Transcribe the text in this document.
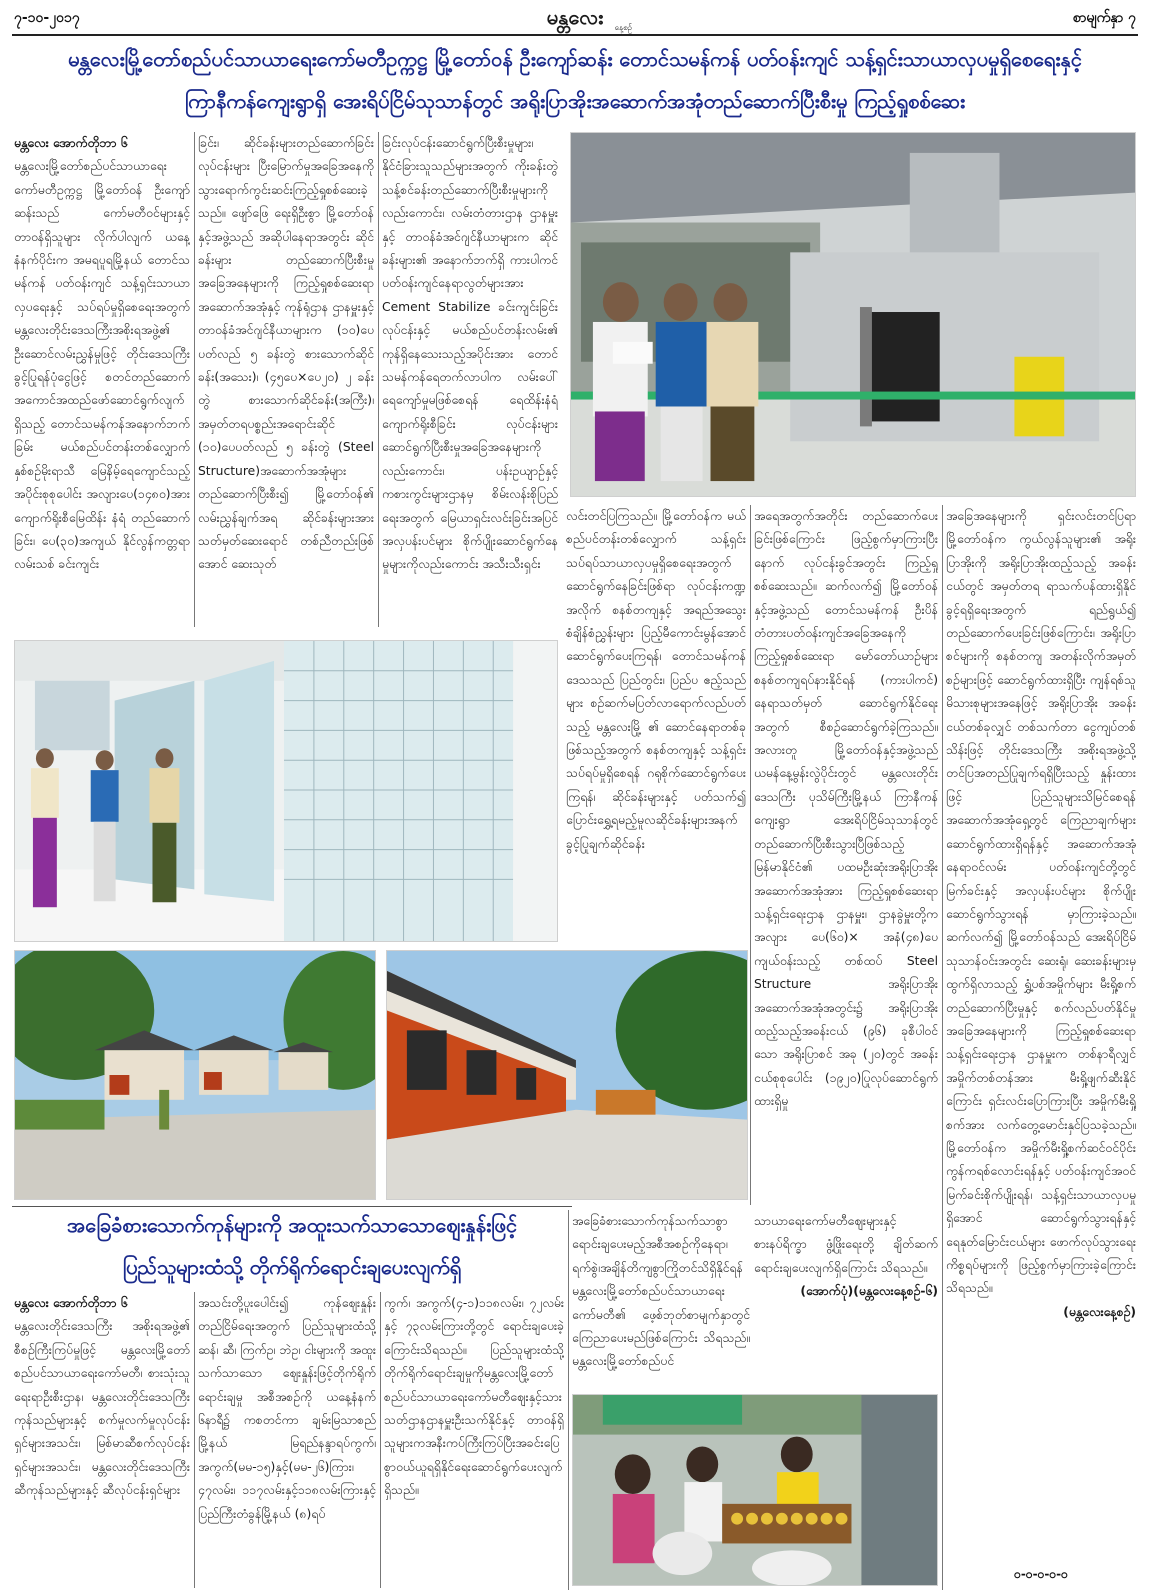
၇-၁၀-၂၀၁၇	မန္တလေး	နေ့စဉ်
စာမျက်နှာ ၇
မန္တလေးမြို့တော်စည်ပင်သာယာရေးကော်မတီဥက္ကဋ္ဌ မြို့တော်ဝန် ဦးကျော်ဆန်း တောင်သမန်ကန် ပတ်ဝန်းကျင် သန့်ရှင်းသာယာလှပမှုရှိစေရေးနှင့်
ကြာနီကန်ကျေးရွာရှိ အေးရိပ်ငြိမ်သုသာန်တွင် အရိုးပြာအိုးအဆောက်အအုံတည်ဆောက်ပြီးစီးမှု ကြည့်ရှုစစ်ဆေး
မန္တလေး အောက်တိုဘာ ၆
မန္တလေးမြို့တော်စည်ပင်သာယာရေးကော်မတီဥက္ကဋ္ဌ မြို့တော်ဝန် ဦးကျော်ဆန်းသည် ကော်မတီဝင်များနှင့် တာဝန်ရှိသူများ လိုက်ပါလျက် ယနေ့နံနက်ပိုင်းက အမရပူရမြို့နယ် တောင်သမန်ကန် ပတ်ဝန်းကျင် သန့်ရှင်းသာယာလှပရေးနှင့် သပ်ရပ်မှုရှိစေရေးအတွက် မန္တလေးတိုင်းဒေသကြီးအစိုးရအဖွဲ့၏ ဦးဆောင်လမ်းညွှန်မှုဖြင့် တိုင်းဒေသကြီး ခွင့်ပြုရန်ပုံငွေဖြင့် စတင်တည်ဆောက်အကောင်အထည်ဖော်ဆောင်ရွက်လျက်ရှိသည့် တောင်သမန်ကန်အနောက်ဘက်ခြမ်း မယ်စည်ပင်တန်းတစ်လျှောက် နှစ်စဉ်မိုးရာသီ မြေနိမ့်ရေကျောင်သည့် အပိုင်းစုစုပေါင်း အလျားပေ(၁၄၈၀)အား ကျောက်ရိုးစီမြေထိန်း နံရံ တည်ဆောက်ခြင်း၊ ပေ(၃၀)အကျယ် နိုင်လွန်ကတ္တရာလမ်းသစ် ခင်းကျင်း
ခြင်း၊ ဆိုင်ခန်းများတည်ဆောက်ခြင်းလုပ်ငန်းများ ပြီးမြောက်မှုအခြေအနေကို သွားရောက်ကွင်းဆင်းကြည့်ရှုစစ်ဆေးခဲ့သည်။ ဖျော်ဖြေ ရေးရှိဦးစွာ မြို့တော်ဝန်နှင့်အဖွဲ့သည် အဆိုပါနေရာအတွင်း ဆိုင်ခန်းများ တည်ဆောက်ပြီးစီးမှု အခြေအနေများကို ကြည့်ရှုစစ်ဆေးရာ အဆောက်အအုံနှင့် ကုန်ရုံဌာန ဌာနမှူးနှင့် တာဝန်ခံအင်ဂျင်နီယာများက (၁၀)ပေပတ်လည် ၅ ခန်းတွဲ စားသောက်ဆိုင်ခန်း(အသေး)၊ (၄၅ပေ×ပေ၂၀) ၂ ခန်းတွဲ စားသောက်ဆိုင်ခန်း(အကြီး)၊ အမှတ်တရပစ္စည်းအရောင်းဆိုင် (၁၀)ပေပတ်လည် ၅ ခန်းတွဲ (Steel Structure)အဆောက်အအုံများ တည်ဆောက်ပြီးစီး၍ မြို့တော်ဝန်၏ လမ်းညွှန်ချက်အရ ဆိုင်ခန်းများအား သတ်မှတ်ဆေးရောင် တစ်ညီတည်းဖြစ်အောင် ဆေးသုတ်
ခြင်းလုပ်ငန်းဆောင်ရွက်ပြီးစီးမှုများ၊ နိုင်ငံခြားသူသည်များအတွက် ကိုးခန်းတွဲသန့်စင်ခန်းတည်ဆောက်ပြီးစီးမှုများကိုလည်းကောင်း၊ လမ်းတံတားဌာန ဌာနမှူးနှင့် တာဝန်ခံအင်ဂျင်နီယာများက ဆိုင်ခန်းများ၏ အနောက်ဘက်ရှိ ကားပါကင် ပတ်ဝန်းကျင်နေရာလွတ်များအား Cement Stabilize ခင်းကျင်းခြင်း လုပ်ငန်းနှင့် မယ်စည်ပင်တန်းလမ်း၏ ကုန်ရှိနေသေးသည့်အပိုင်းအား တောင်သမန်ကန်ရေတက်လာပါက လမ်းပေါ်ရေကျော်မှုမဖြစ်စေရန် ရေထိန်းနံရံ ကျောက်ရိုးစီခြင်း လုပ်ငန်းများ ဆောင်ရွက်ပြီးစီးမှုအခြေအနေများကိုလည်းကောင်း၊ ပန်းဥယျာဉ်နှင့် ကစားကွင်းများဌာနမှ စိမ်းလန်းစိုပြည်ရေးအတွက် မြေယာရှင်းလင်းခြင်းအပြင် အလှပန်းပင်များ စိုက်ပျိုးဆောင်ရွက်နေမှုများကိုလည်းကောင်း အသီးသီးရှင်း
လင်းတင်ပြကြသည်။ မြို့တော်ဝန်က မယ်စည်ပင်တန်းတစ်လျှောက် သန့်ရှင်းသပ်ရပ်သာယာလှပမှုရှိစေရေးအတွက် ဆောင်ရွက်နေခြင်းဖြစ်ရာ လုပ်ငန်းကဏ္ဍအလိုက် စနစ်တကျနှင့် အရည်အသွေးစံချိန်စံညွှန်းများ ပြည့်မီကောင်းမွန်အောင်ဆောင်ရွက်ပေးကြရန်၊ တောင်သမန်ကန်ဒေသသည် ပြည်တွင်း၊ ပြည်ပ ဧည့်သည်များ စဉ်ဆက်မပြတ်လာရောက်လည်ပတ်သည့် မန္တလေးမြို့ ၏ ဆောင်နေရာတစ်ခုဖြစ်သည့်အတွက် စနစ်တကျနှင့် သန့်ရှင်းသပ်ရပ်မှုရှိစေရန် ဂရုစိုက်ဆောင်ရွက်ပေးကြရန်၊ ဆိုင်ခန်းများနှင့် ပတ်သက်၍ ပြောင်းရွှေ့ရမည့်မူလဆိုင်ခန်းများအနက် ခွင့်ပြုချက်ဆိုင်ခန်း
အရေအတွက်အတိုင်း တည်ဆောက်ပေးခြင်းဖြစ်ကြောင်း ဖြည့်စွက်မှာကြားပြီးနောက် လုပ်ငန်းခွင်အတွင်း ကြည့်ရှုစစ်ဆေးသည်။ ဆက်လက်၍ မြို့တော်ဝန်နှင့်အဖွဲ့သည် တောင်သမန်ကန် ဦးပိန်တံတားပတ်ဝန်းကျင်အခြေအနေကို ကြည့်ရှုစစ်ဆေးရာ မော်တော်ယာဉ်များ စနစ်တကျရပ်နားနိုင်ရန် (ကားပါကင်) နေရာသတ်မှတ် ဆောင်ရွက်နိုင်ရေးအတွက် စီစဉ်ဆောင်ရွက်ခဲ့ကြသည်။ အလားတူ မြို့တော်ဝန်နှင့်အဖွဲ့သည် ယမန်နေ့မွန်းလွဲပိုင်းတွင် မန္တလေးတိုင်းဒေသကြီး ပုသိမ်ကြီးမြို့နယ် ကြာနီကန်ကျေးရွာ အေးရိပ်ငြိမ်သုသာန်တွင် တည်ဆောက်ပြီးစီးသွားပြီဖြစ်သည့် မြန်မာနိုင်ငံ၏ ပထမဦးဆုံးအရိုးပြာအိုး အဆောက်အအုံအား ကြည့်ရှုစစ်ဆေးရာ သန့်ရှင်းရေးဌာန ဌာနမှူး၊ ဌာနခွဲမှူးတို့က အလျား ပေ(၆၀)× အနံ(၄၈)ပေ ကျယ်ဝန်းသည့် တစ်ထပ် Steel Structure အရိုးပြာအိုး အဆောက်အအုံအတွင်း၌ အရိုးပြာအိုးထည့်သည့်အခန်းငယ် (၉၆) ခုစီပါဝင်သော အရိုးပြာစင် အခု (၂၀)တွင် အခန်းငယ်စုစုပေါင်း (၁၉၂၀)ပြုလုပ်ဆောင်ရွက်ထားရှိမှု
အခြေအနေများကို ရှင်းလင်းတင်ပြရာ မြို့တော်ဝန်က ကွယ်လွန်သူများ၏ အရိုးပြာအိုးကို အရိုးပြာအိုးထည့်သည့် အခန်းငယ်တွင် အမှတ်တရ ရာသက်ပန်ထားရှိနိုင်ခွင့်ရရှိရေးအတွက် ရည်ရွယ်၍ တည်ဆောက်ပေးခြင်းဖြစ်ကြောင်း၊ အရိုးပြာစင်များကို စနစ်တကျ အတန်းလိုက်အမှတ်စဉ်များဖြင့် ဆောင်ရွက်ထားရှိပြီး ကျန်ရစ်သူမိသားစုများအနေဖြင့် အရိုးပြာအိုး အခန်းငယ်တစ်ခုလျှင် တစ်သက်တာ ငွေကျပ်တစ်သိန်းဖြင့် တိုင်းဒေသကြီး အစိုးရအဖွဲ့သို့ တင်ပြအတည်ပြုချက်ရရှိပြီးသည့် နှုန်းထားဖြင့် ပြည်သူများသိမြင်စေရန် အဆောက်အအုံရှေ့တွင် ကြေညာချက်များ ဆောင်ရွက်ထားရှိရန်နှင့် အဆောက်အအုံနေရာဝင်လမ်း ပတ်ဝန်းကျင်တို့တွင် မြက်ခင်းနှင့် အလှပန်းပင်များ စိုက်ပျိုးဆောင်ရွက်သွားရန် မှာကြားခဲ့သည်။ ဆက်လက်၍ မြို့တော်ဝန်သည် အေးရိပ်ငြိမ်သုသာန်ဝင်းအတွင်း ဆေးရုံ၊ ဆေးခန်းများမှ ထွက်ရှိလာသည့် ရွှံ့ပစ်အမှိုက်များ မီးရှို့စက် တည်ဆောက်ပြီးမှုနှင့် စက်လည်ပတ်နိုင်မှုအခြေအနေများကို ကြည့်ရှုစစ်ဆေးရာ သန့်ရှင်းရေးဌာန ဌာနမှူးက တစ်နာရီလျှင် အမှိုက်တစ်တန်အား မီးရှို့ဖျက်ဆီးနိုင်ကြောင်း ရှင်းလင်းပြောကြားပြီး အမှိုက်မီးရှို့စက်အား လက်တွေ့မောင်းနှင်ပြသခဲ့သည်။ မြို့တော်ဝန်က အမှိုက်မီးရှို့စက်ဆင်ဝင်ပိုင်း ကွန်ကရစ်လောင်းရန်နှင့် ပတ်ဝန်းကျင်အဝင် မြက်ခင်းစိုက်ပျိုးရန်၊ သန့်ရှင်းသာယာလှပမှုရှိအောင် ဆောင်ရွက်သွားရန်နှင့် ရေနုတ်မြောင်းငယ်များ ဖောက်လုပ်သွားရေးကိစ္စရပ်များကို ဖြည့်စွက်မှာကြားခဲ့ကြောင်း သိရသည်။
(မန္တလေးနေ့စဉ်)
၀-၀-၀-၀-၀
အခြေခံစားသောက်ကုန်များကို အထူးသက်သာသောဈေးနှုန်းဖြင့်
ပြည်သူများထံသို့ တိုက်ရိုက်ရောင်းချပေးလျက်ရှိ
မန္တလေး အောက်တိုဘာ ၆
မန္တလေးတိုင်းဒေသကြီး အစိုးရအဖွဲ့၏ စီစဉ်ကြီးကြပ်မှုဖြင့် မန္တလေးမြို့တော်စည်ပင်သာယာရေးကော်မတီ၊ စားသုံးသူရေးရာဦးစီးဌာန၊ မန္တလေးတိုင်းဒေသကြီး ကုန်သည်များနှင့် စက်မှုလက်မှုလုပ်ငန်းရှင်များအသင်း၊ မြစ်မာဆီစက်လုပ်ငန်းရှင်များအသင်း၊ မန္တလေးတိုင်းဒေသကြီး ဆီကုန်သည်များနှင့် ဆီလုပ်ငန်းရှင်များ
အသင်းတို့ပူးပေါင်း၍ ကုန်ဈေးနှုန်းတည်ငြိမ်ရေးအတွက် ပြည်သူများထံသို့ ဆန်၊ ဆီ၊ ကြက်ဥ၊ ဘဲဥ၊ ငါးများကို အထူးသက်သာသော ဈေးနှုန်းဖြင့်တိုက်ရိုက်ရောင်းချမှု အစီအစဉ်ကို ယနေ့နံနက် ၆နာရီ၌ ကစတင်ကာ ချမ်းမြသာစည်မြို့နယ် မြရည်နန္ဒာရပ်ကွက်၊ အကွက်(မမ-၁၅)နှင့်(မမ-၂၆)ကြား၊ ၄၇လမ်း၊ ၁၁၇လမ်းနှင့်၁၁၈လမ်းကြားနှင့် ပြည်ကြီးတံခွန်မြို့နယ် (၈)ရပ်
ကွက်၊ အကွက်(၄-၁)၁၁၈လမ်း၊ ၇၂လမ်းနှင့် ၇၃လမ်းကြားတို့တွင် ရောင်းချပေးခဲ့ကြောင်းသိရသည်။ ပြည်သူများထံသို့တိုက်ရိုက်ရောင်းချမှုကိုမန္တလေးမြို့တော်စည်ပင်သာယာရေးကော်မတီဈေးနှင့်သားသတ်ဌာနဌာနမှူးဦးသက်နိုင်နှင့် တာဝန်ရှိသူများကအနီးကပ်ကြီးကြပ်ပြီးအခင်းပြေစွာဝယ်ယူရရှိနိုင်ရေးဆောင်ရွက်ပေးလျက်ရှိသည်။
အခြေခံစားသောက်ကုန်သက်သာစွာရောင်းချပေးမည့်အစီအစဉ်ကိုနေရာ၊ရက်စွဲ၊အချိန်တိကျစွာကြိုတင်သိရှိနိုင်ရန်မန္တလေးမြို့တော်စည်ပင်သာယာရေးကော်မတီ၏ ဖေ့စ်ဘုတ်စာမျက်နှာတွင် ကြေညာပေးမည်ဖြစ်ကြောင်း သိရသည်။ မန္တလေးမြို့တော်စည်ပင်
သာယာရေးကော်မတီဈေးများနှင့် စားနပ်ရိက္ခာ ဖွံ့ဖြိုးရေးတို့ ချိတ်ဆက်ရောင်းချပေးလျက်ရှိကြောင်း သိရသည်။
(အောက်ပုံ)(မန္တလေးနေ့စဉ်-၆)
